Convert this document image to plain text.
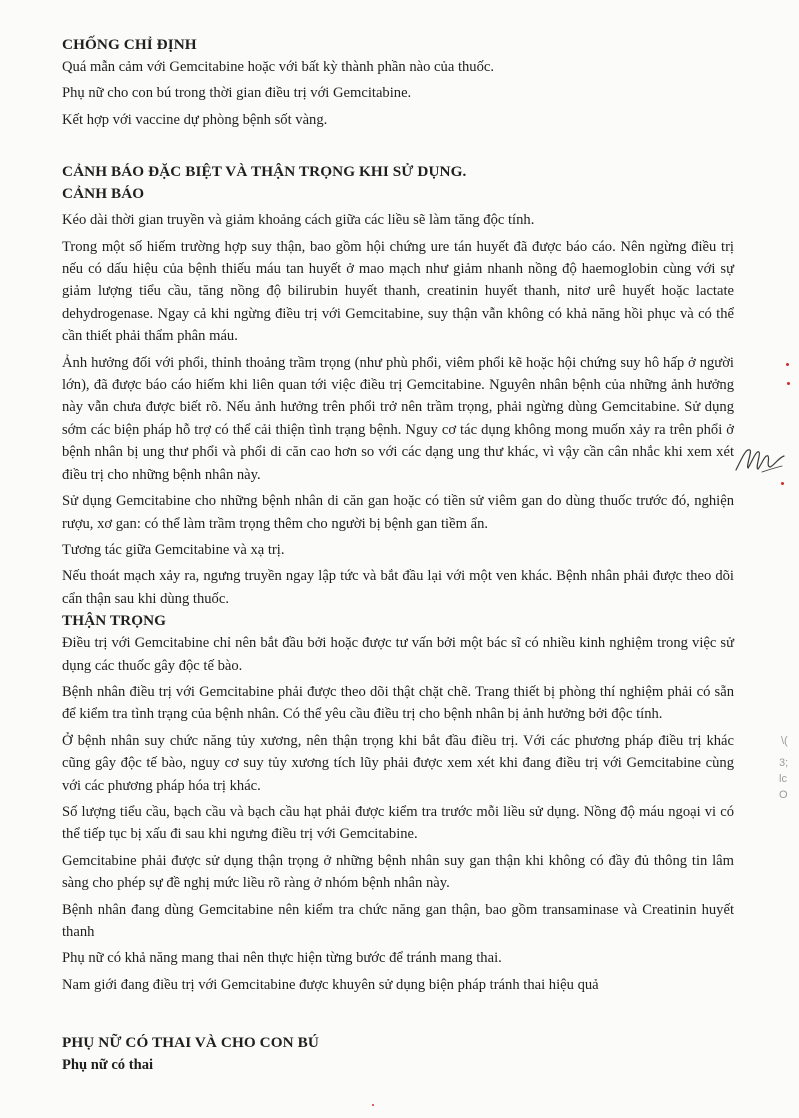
CHỐNG CHỈ ĐỊNH

Quá mẫn cảm với Gemcitabine hoặc với bất kỳ thành phần nào của thuốc.

Phụ nữ cho con bú trong thời gian điều trị với Gemcitabine.

Kết hợp với vaccine dự phòng bệnh sốt vàng.

CẢNH BÁO ĐẶC BIỆT VÀ THẬN TRỌNG KHI SỬ DỤNG.
CẢNH BÁO

Kéo dài thời gian truyền và giảm khoảng cách giữa các liều sẽ làm tăng độc tính.

Trong một số hiếm trường hợp suy thận, bao gồm hội chứng ure tán huyết đã được báo cáo. Nên ngừng điều trị nếu có dấu hiệu của bệnh thiếu máu tan huyết ở mao mạch như giảm nhanh nồng độ haemoglobin cùng với sự giảm lượng tiểu cầu, tăng nồng độ bilirubin huyết thanh, creatinin huyết thanh, nitơ urê huyết hoặc lactate dehydrogenase. Ngay cả khi ngừng điều trị với Gemcitabine, suy thận vẫn không có khả năng hồi phục và có thể cần thiết phải thẩm phân máu.

Ảnh hưởng đối với phổi, thỉnh thoảng trầm trọng (như phù phổi, viêm phổi kẽ hoặc hội chứng suy hô hấp ở người lớn), đã được báo cáo hiếm khi liên quan tới việc điều trị Gemcitabine. Nguyên nhân bệnh của những ảnh hưởng này vẫn chưa được biết rõ. Nếu ảnh hưởng trên phổi trở nên trầm trọng, phải ngừng dùng Gemcitabine. Sử dụng sớm các biện pháp hỗ trợ có thể cải thiện tình trạng bệnh. Nguy cơ tác dụng không mong muốn xảy ra trên phổi ở bệnh nhân bị ung thư phổi và phổi di căn cao hơn so với các dạng ung thư khác, vì vậy cần cân nhắc khi xem xét điều trị cho những bệnh nhân này.

Sử dụng Gemcitabine cho những bệnh nhân di căn gan hoặc có tiền sử viêm gan do dùng thuốc trước đó, nghiện rượu, xơ gan: có thể làm trầm trọng thêm cho người bị bệnh gan tiềm ẩn.

Tương tác giữa Gemcitabine và xạ trị.

Nếu thoát mạch xảy ra, ngưng truyền ngay lập tức và bắt đầu lại với một ven khác. Bệnh nhân phải được theo dõi cẩn thận sau khi dùng thuốc.

THẬN TRỌNG

Điều trị với Gemcitabine chỉ nên bắt đầu bởi hoặc được tư vấn bởi một bác sĩ có nhiều kinh nghiệm trong việc sử dụng các thuốc gây độc tế bào.

Bệnh nhân điều trị với Gemcitabine phải được theo dõi thật chặt chẽ. Trang thiết bị phòng thí nghiệm phải có sẵn để kiểm tra tình trạng của bệnh nhân. Có thể yêu cầu điều trị cho bệnh nhân bị ảnh hưởng bởi độc tính.

Ở bệnh nhân suy chức năng tủy xương, nên thận trọng khi bắt đầu điều trị. Với các phương pháp điều trị khác cũng gây độc tế bào, nguy cơ suy tủy xương tích lũy phải được xem xét khi đang điều trị với Gemcitabine cùng với các phương pháp hóa trị khác.

Số lượng tiểu cầu, bạch cầu và bạch cầu hạt phải được kiểm tra trước mỗi liều sử dụng. Nồng độ máu ngoại vi có thể tiếp tục bị xấu đi sau khi ngưng điều trị với Gemcitabine.

Gemcitabine phải được sử dụng thận trọng ở những bệnh nhân suy gan thận khi không có đầy đủ thông tin lâm sàng cho phép sự đề nghị mức liều rõ ràng ở nhóm bệnh nhân này.

Bệnh nhân đang dùng Gemcitabine nên kiểm tra chức năng gan thận, bao gồm transaminase và Creatinin huyết thanh

Phụ nữ có khả năng mang thai nên thực hiện từng bước để tránh mang thai.

Nam giới đang điều trị với Gemcitabine được khuyên sử dụng biện pháp tránh thai hiệu quả

PHỤ NỮ CÓ THAI VÀ CHO CON BÚ

Phụ nữ có thai

\(
3;
lc
O
